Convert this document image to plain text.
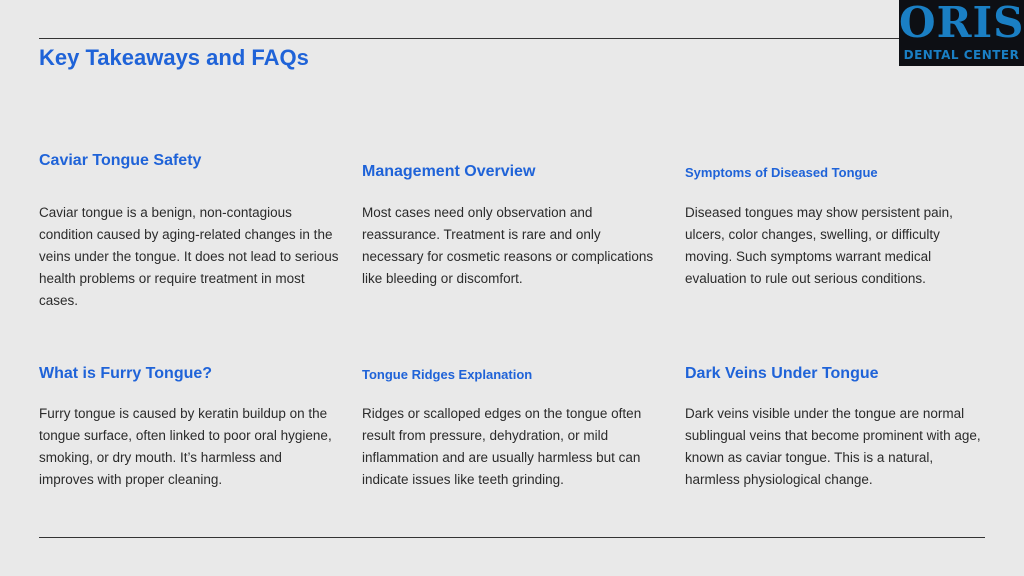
ORIS
DENTAL CENTER
Key Takeaways and FAQs
Caviar Tongue Safety

Caviar tongue is a benign, non-contagious condition caused by aging-related changes in the veins under the tongue. It does not lead to serious health problems or require treatment in most cases.

Management Overview

Most cases need only observation and reassurance. Treatment is rare and only necessary for cosmetic reasons or complications like bleeding or discomfort.

Symptoms of Diseased Tongue

Diseased tongues may show persistent pain, ulcers, color changes, swelling, or difficulty moving. Such symptoms warrant medical evaluation to rule out serious conditions.

What is Furry Tongue?

Furry tongue is caused by keratin buildup on the tongue surface, often linked to poor oral hygiene, smoking, or dry mouth. It’s harmless and improves with proper cleaning.

Tongue Ridges Explanation

Ridges or scalloped edges on the tongue often result from pressure, dehydration, or mild inflammation and are usually harmless but can indicate issues like teeth grinding.

Dark Veins Under Tongue

Dark veins visible under the tongue are normal sublingual veins that become prominent with age, known as caviar tongue. This is a natural, harmless physiological change.
